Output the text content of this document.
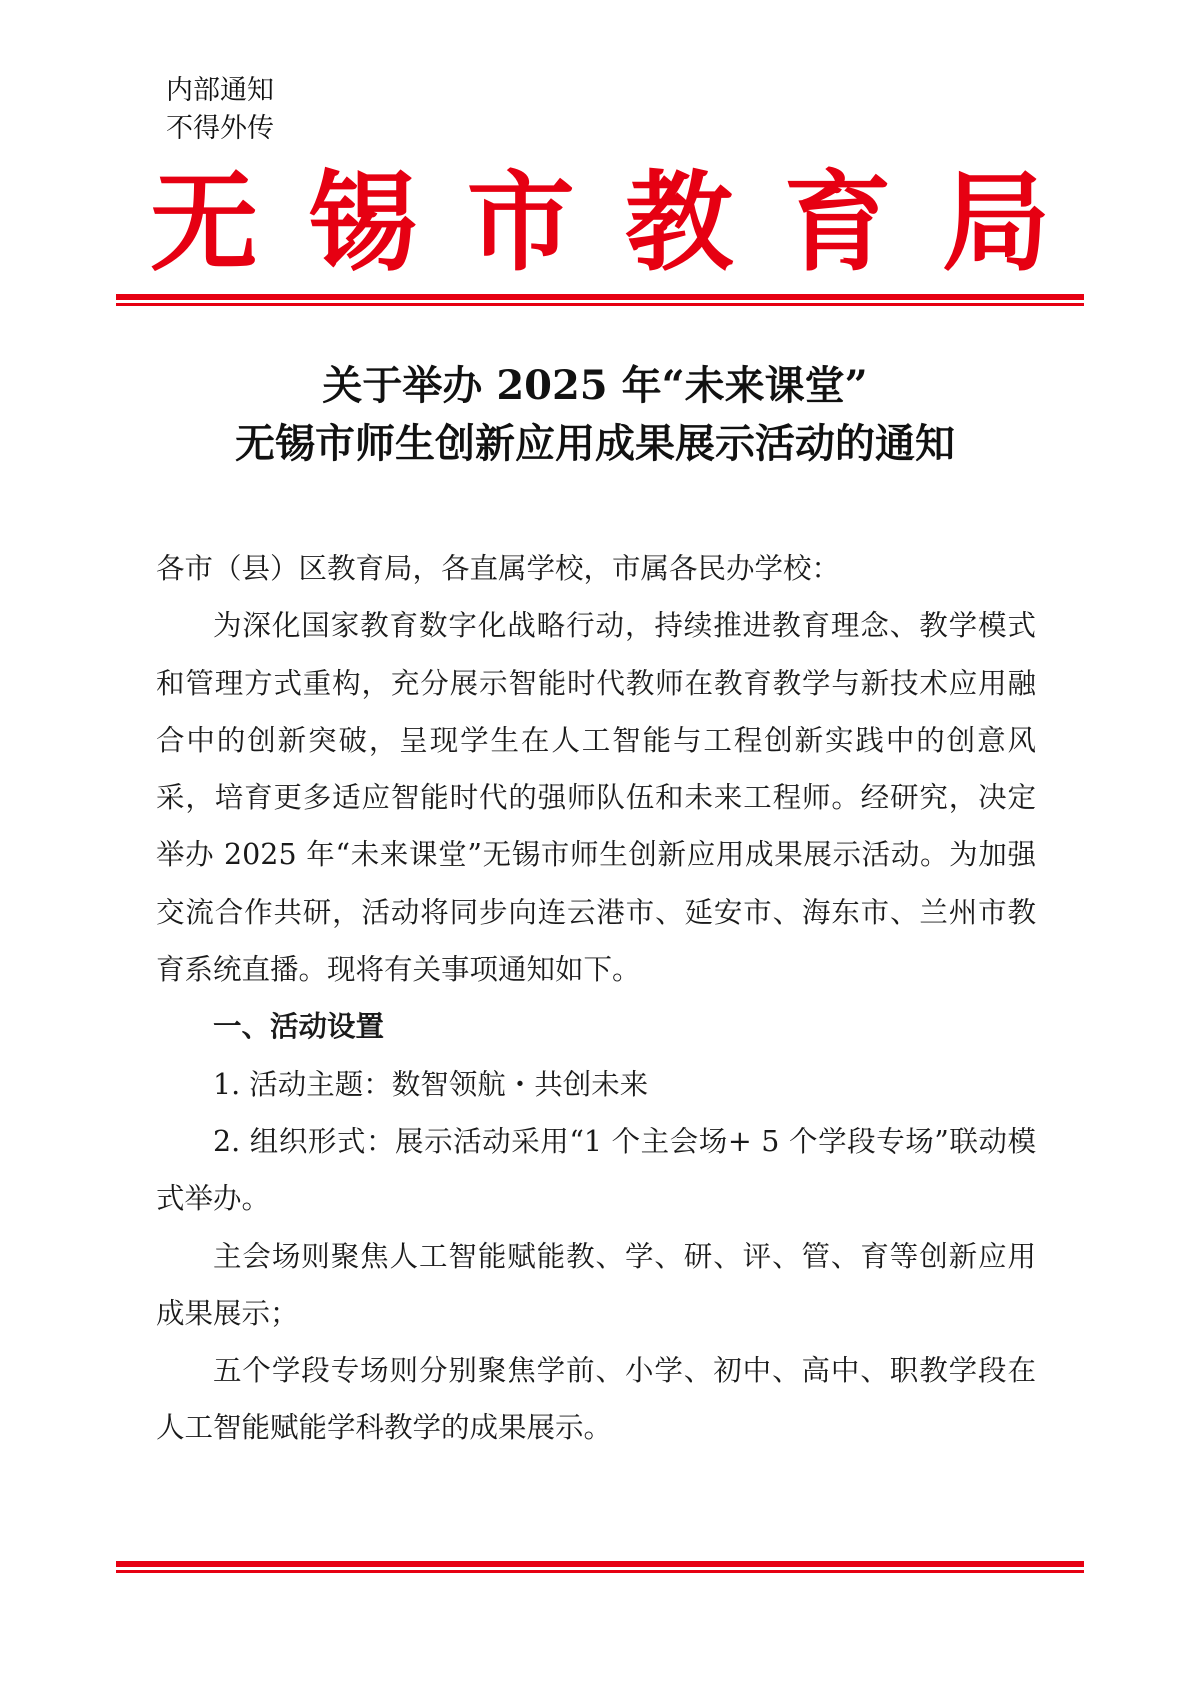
内部通知
不得外传
无 锡 市 教 育 局
关于举办 2025 年“未来课堂”
无锡市师生创新应用成果展示活动的通知

各市（县）区教育局，各直属学校，市属各民办学校：

为深化国家教育数字化战略行动，持续推进教育理念、教学模式和管理方式重构，充分展示智能时代教师在教育教学与新技术应用融合中的创新突破，呈现学生在人工智能与工程创新实践中的创意风采，培育更多适应智能时代的强师队伍和未来工程师。经研究，决定举办 2025 年“未来课堂”无锡市师生创新应用成果展示活动。为加强交流合作共研，活动将同步向连云港市、延安市、海东市、兰州市教育系统直播。现将有关事项通知如下。

一、活动设置

1. 活动主题：数智领航・共创未来

2. 组织形式：展示活动采用“1 个主会场+ 5 个学段专场”联动模式举办。

主会场则聚焦人工智能赋能教、学、研、评、管、育等创新应用成果展示；

五个学段专场则分别聚焦学前、小学、初中、高中、职教学段在人工智能赋能学科教学的成果展示。
